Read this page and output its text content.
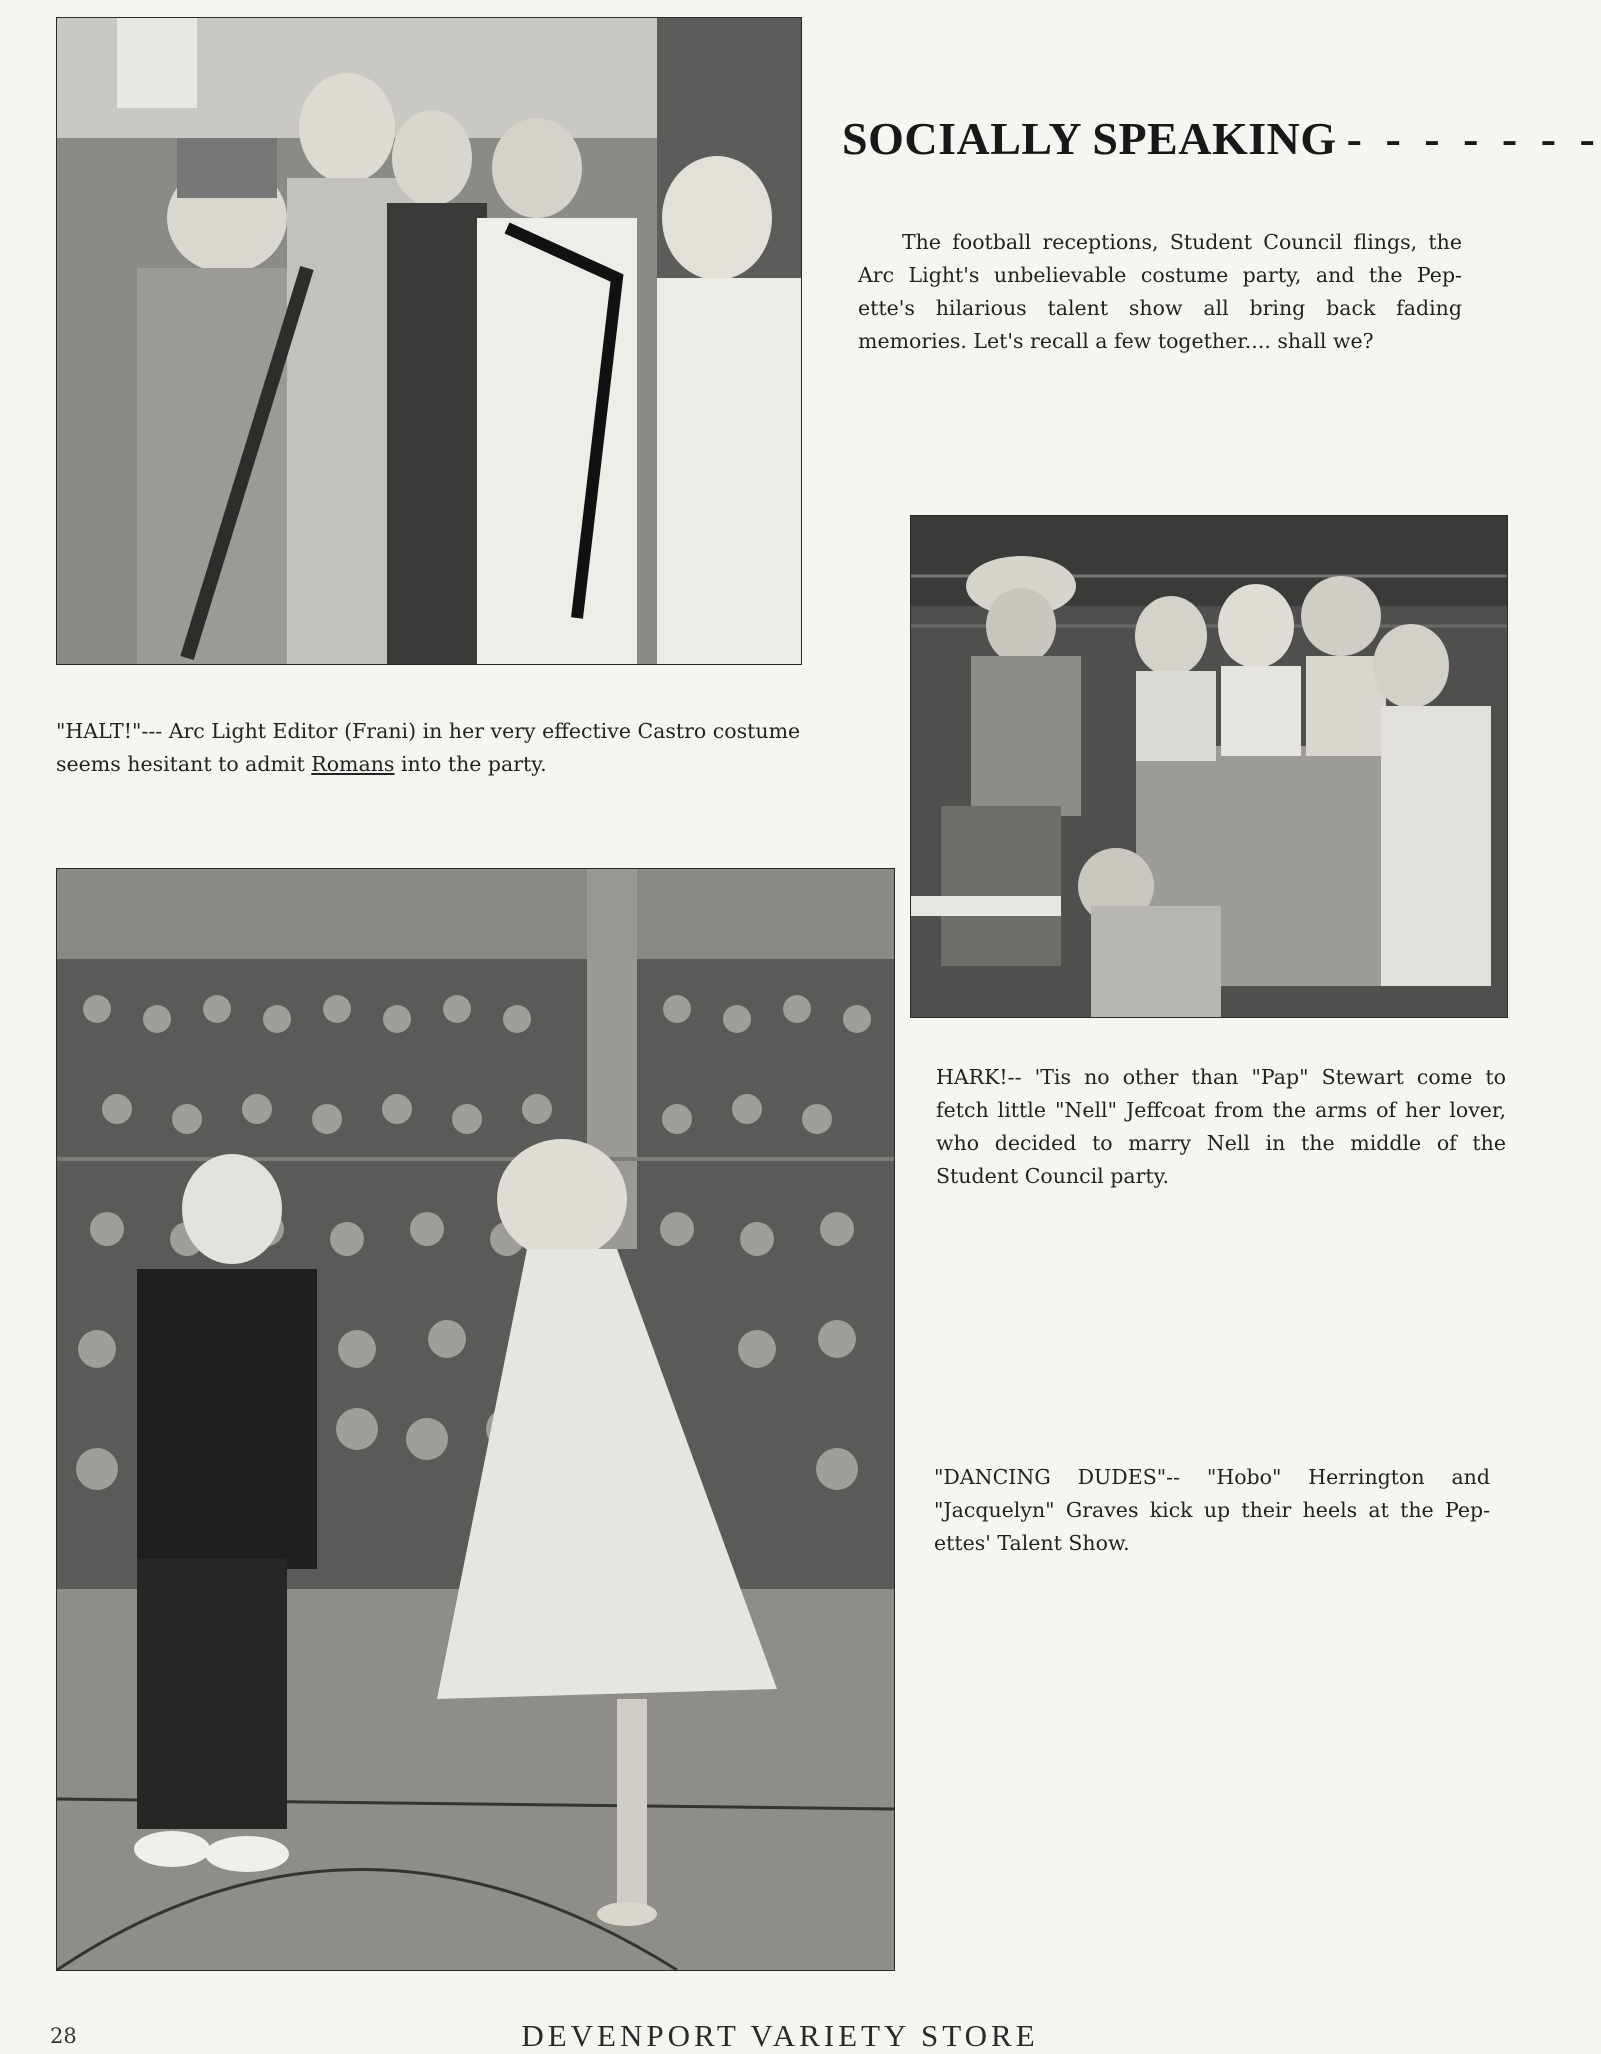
SOCIALLY SPEAKING - - - - - - -

The football receptions, Student Council flings, the Arc Light's unbelievable costume party, and the Pep-ette's hilarious talent show all bring back fading memories. Let's recall a few together.... shall we?

"HALT!"--- Arc Light Editor (Frani) in her very effective Castro costume seems hesitant to admit Romans into the party.

HARK!-- 'Tis no other than "Pap" Stewart come to fetch little "Nell" Jeffcoat from the arms of her lover, who decided to marry Nell in the middle of the Student Council party.

"DANCING DUDES"-- "Hobo" Herrington and "Jacquelyn" Graves kick up their heels at the Pep-ettes' Talent Show.

28	DEVENPORT VARIETY STORE
